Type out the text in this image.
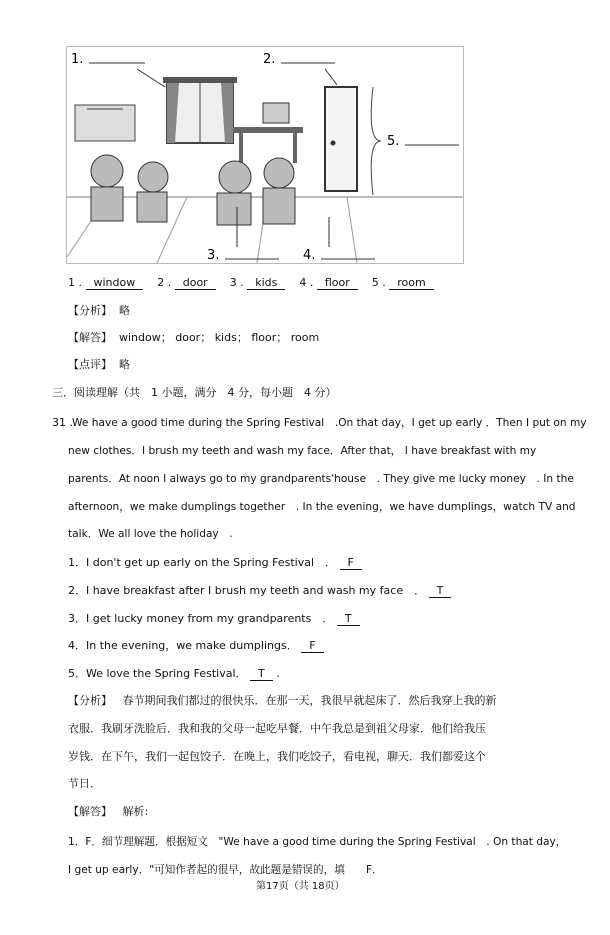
1.	2.
3.	4.
5.
1 . window 2 . door 3 . kids 4 . floor 5 . room
【分析】 略
【解答】 window； door； kids； floor； room
【点评】 略
三．阅读理解（共　1 小题，满分　4 分，每小题　4 分）
31 . We have a good time during the Spring Festival　.On that day，I get up early ．Then I put on my
new clothes．I brush my teeth and wash my face．After that， I have breakfast with my
parents．At noon I always go to my grandparents'house　. They give me lucky money　. In the
afternoon，we make dumplings together　. In the evening，we have dumplings，watch TV and
talk．We all love the holiday　.
1．I don't get up early on the Spring Festival　． F
2．I have breakfast after I brush my teeth and wash my face　． T
3．I get lucky money from my grandparents　． T
4．In the evening，we make dumplings． F
5．We love the Spring Festival． T .
【分析】 春节期间我们都过的很快乐．在那一天，我很早就起床了．然后我穿上我的新
衣服．我刷牙洗脸后．我和我的父母一起吃早餐．中午我总是到祖父母家．他们给我压
岁钱．在下午，我们一起包饺子．在晚上，我们吃饺子，看电视，聊天．我们都爱这个
节日．
【解答】 解析:
1．F．细节理解题．根据短文　"We have a good time during the Spring Festival　. On that day，
I get up early．"可知作者起的很早，故此题是错误的，填　　F．
第17页（共 18页）
